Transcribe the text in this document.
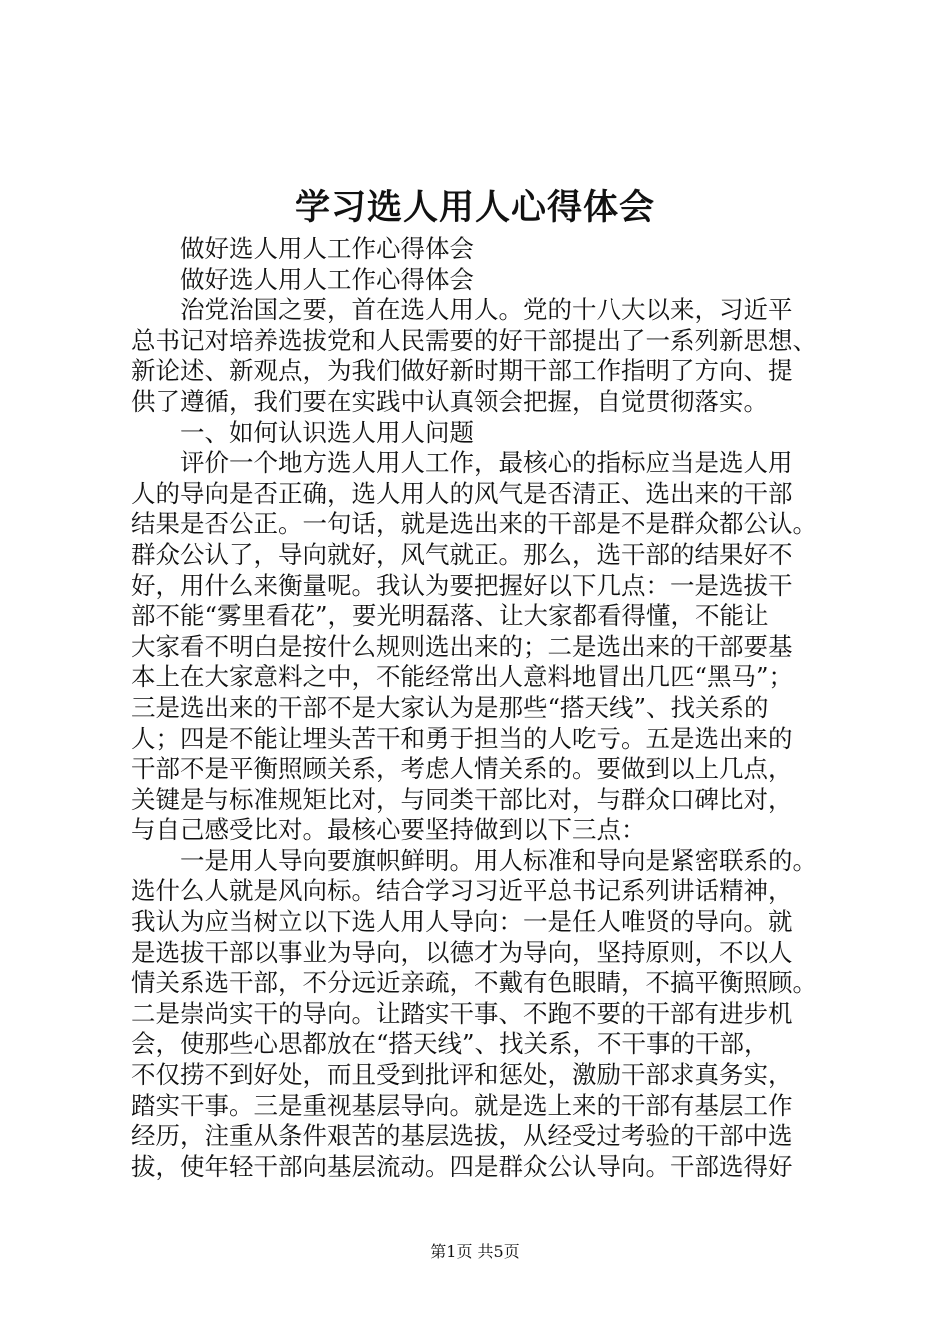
学习选人用人心得体会
做好选人用人工作心得体会
做好选人用人工作心得体会
治党治国之要，首在选人用人。党的十八大以来，习近平
总书记对培养选拔党和人民需要的好干部提出了一系列新思想、
新论述、新观点，为我们做好新时期干部工作指明了方向、提
供了遵循，我们要在实践中认真领会把握，自觉贯彻落实。
一、如何认识选人用人问题
评价一个地方选人用人工作，最核心的指标应当是选人用
人的导向是否正确，选人用人的风气是否清正、选出来的干部
结果是否公正。一句话，就是选出来的干部是不是群众都公认。
群众公认了，导向就好，风气就正。那么，选干部的结果好不
好，用什么来衡量呢。我认为要把握好以下几点：一是选拔干
部不能“雾里看花”，要光明磊落、让大家都看得懂，不能让
大家看不明白是按什么规则选出来的；二是选出来的干部要基
本上在大家意料之中，不能经常出人意料地冒出几匹“黑马”；
三是选出来的干部不是大家认为是那些“搭天线”、找关系的
人；四是不能让埋头苦干和勇于担当的人吃亏。五是选出来的
干部不是平衡照顾关系，考虑人情关系的。要做到以上几点，
关键是与标准规矩比对，与同类干部比对，与群众口碑比对，
与自己感受比对。最核心要坚持做到以下三点：
一是用人导向要旗帜鲜明。用人标准和导向是紧密联系的。
选什么人就是风向标。结合学习习近平总书记系列讲话精神，
我认为应当树立以下选人用人导向：一是任人唯贤的导向。就
是选拔干部以事业为导向，以德才为导向，坚持原则，不以人
情关系选干部，不分远近亲疏，不戴有色眼睛，不搞平衡照顾。
二是崇尚实干的导向。让踏实干事、不跑不要的干部有进步机
会，使那些心思都放在“搭天线”、找关系，不干事的干部，
不仅捞不到好处，而且受到批评和惩处，激励干部求真务实，
踏实干事。三是重视基层导向。就是选上来的干部有基层工作
经历，注重从条件艰苦的基层选拔，从经受过考验的干部中选
拔，使年轻干部向基层流动。四是群众公认导向。干部选得好
第1页 共5页
